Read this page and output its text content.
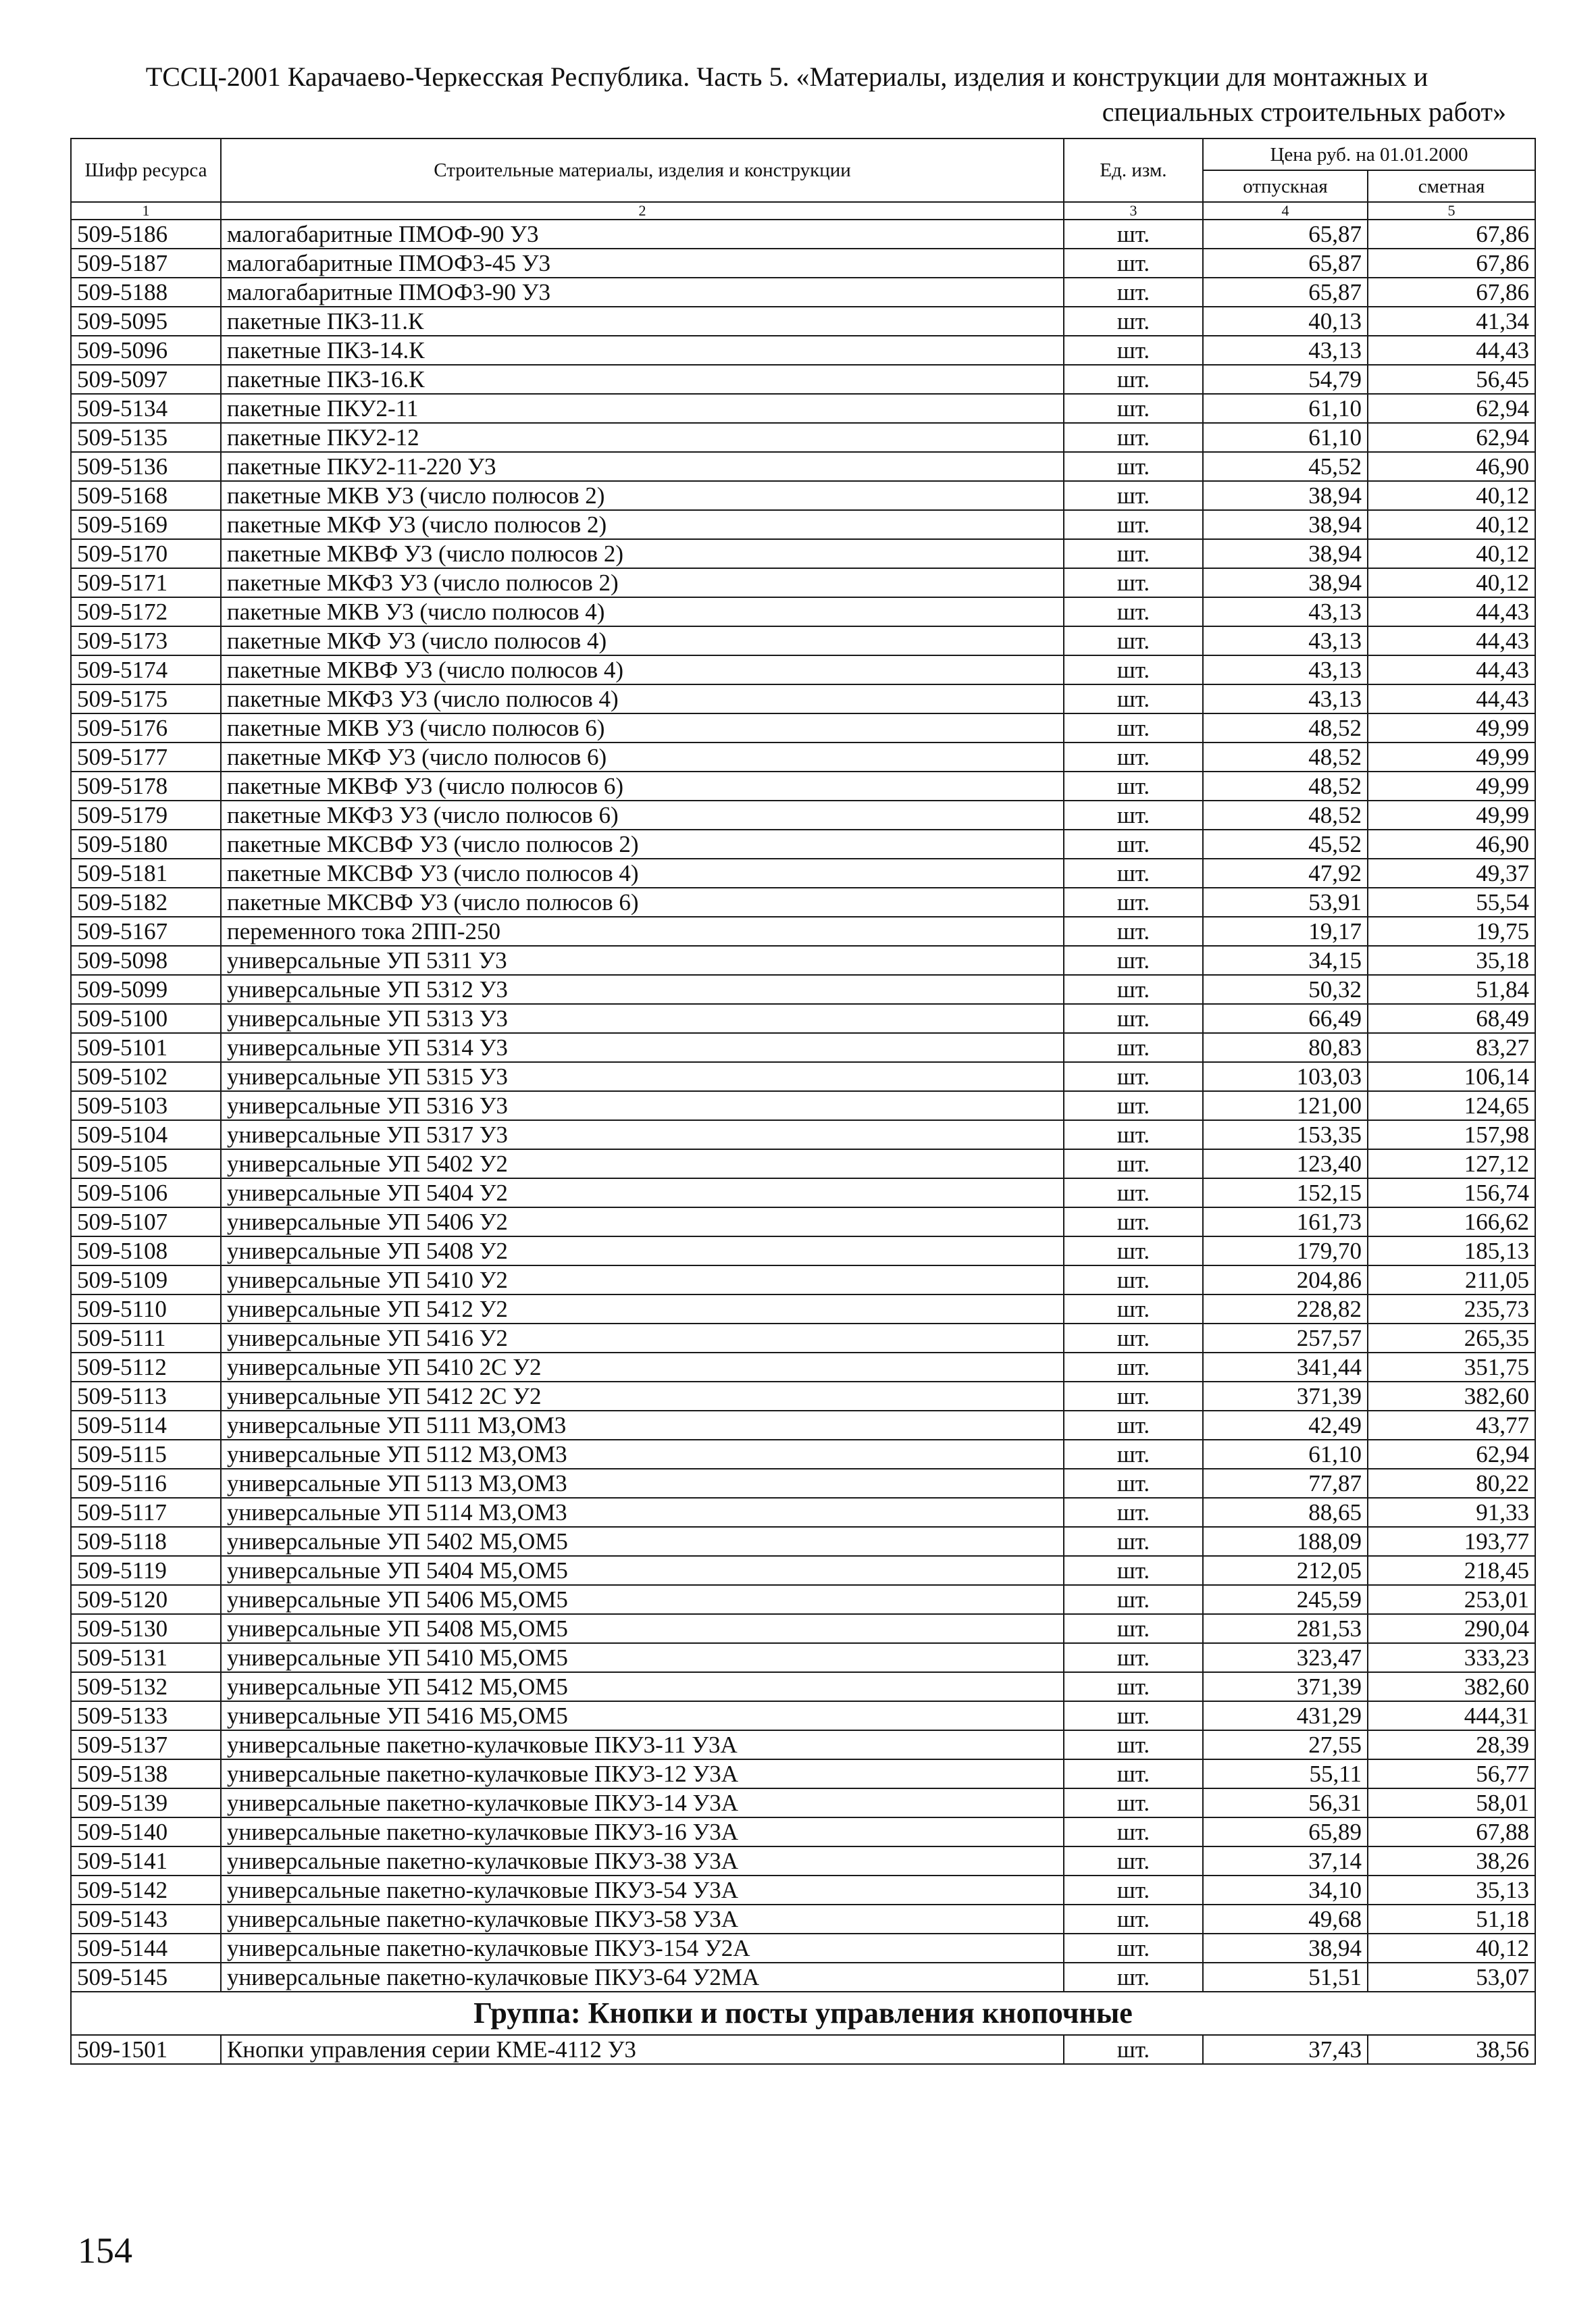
ТССЦ-2001 Карачаево-Черкесская Республика. Часть 5. «Материалы, изделия и конструкции для монтажных и
специальных строительных работ»
Шифр ресурса	Строительные материалы, изделия и конструкции	Ед. изм.	Цена руб. на 01.01.2000	
			отпускная	сметная
1	2	3	4	5
509-5186	малогабаритные ПМОФ-90 У3	шт.	65,87	67,86
509-5187	малогабаритные ПМОФ3-45 У3	шт.	65,87	67,86
509-5188	малогабаритные ПМОФ3-90 У3	шт.	65,87	67,86
509-5095	пакетные ПК3-11.К	шт.	40,13	41,34
509-5096	пакетные ПК3-14.К	шт.	43,13	44,43
509-5097	пакетные ПК3-16.К	шт.	54,79	56,45
509-5134	пакетные ПКУ2-11	шт.	61,10	62,94
509-5135	пакетные ПКУ2-12	шт.	61,10	62,94
509-5136	пакетные ПКУ2-11-220 У3	шт.	45,52	46,90
509-5168	пакетные МКВ У3 (число полюсов 2)	шт.	38,94	40,12
509-5169	пакетные МКФ У3 (число полюсов 2)	шт.	38,94	40,12
509-5170	пакетные МКВФ У3 (число полюсов 2)	шт.	38,94	40,12
509-5171	пакетные МКФ3 У3 (число полюсов 2)	шт.	38,94	40,12
509-5172	пакетные МКВ У3 (число полюсов 4)	шт.	43,13	44,43
509-5173	пакетные МКФ У3 (число полюсов 4)	шт.	43,13	44,43
509-5174	пакетные МКВФ У3 (число полюсов 4)	шт.	43,13	44,43
509-5175	пакетные МКФ3 У3 (число полюсов 4)	шт.	43,13	44,43
509-5176	пакетные МКВ У3 (число полюсов 6)	шт.	48,52	49,99
509-5177	пакетные МКФ У3 (число полюсов 6)	шт.	48,52	49,99
509-5178	пакетные МКВФ У3 (число полюсов 6)	шт.	48,52	49,99
509-5179	пакетные МКФ3 У3 (число полюсов 6)	шт.	48,52	49,99
509-5180	пакетные МКСВФ У3 (число полюсов 2)	шт.	45,52	46,90
509-5181	пакетные МКСВФ У3 (число полюсов 4)	шт.	47,92	49,37
509-5182	пакетные МКСВФ У3 (число полюсов 6)	шт.	53,91	55,54
509-5167	переменного тока 2ПП-250	шт.	19,17	19,75
509-5098	универсальные УП 5311 У3	шт.	34,15	35,18
509-5099	универсальные УП 5312 У3	шт.	50,32	51,84
509-5100	универсальные УП 5313 У3	шт.	66,49	68,49
509-5101	универсальные УП 5314 У3	шт.	80,83	83,27
509-5102	универсальные УП 5315 У3	шт.	103,03	106,14
509-5103	универсальные УП 5316 У3	шт.	121,00	124,65
509-5104	универсальные УП 5317 У3	шт.	153,35	157,98
509-5105	универсальные УП 5402 У2	шт.	123,40	127,12
509-5106	универсальные УП 5404 У2	шт.	152,15	156,74
509-5107	универсальные УП 5406 У2	шт.	161,73	166,62
509-5108	универсальные УП 5408 У2	шт.	179,70	185,13
509-5109	универсальные УП 5410 У2	шт.	204,86	211,05
509-5110	универсальные УП 5412 У2	шт.	228,82	235,73
509-5111	универсальные УП 5416 У2	шт.	257,57	265,35
509-5112	универсальные УП 5410 2С У2	шт.	341,44	351,75
509-5113	универсальные УП 5412 2С У2	шт.	371,39	382,60
509-5114	универсальные УП 5111 М3,ОМ3	шт.	42,49	43,77
509-5115	универсальные УП 5112 М3,ОМ3	шт.	61,10	62,94
509-5116	универсальные УП 5113 М3,ОМ3	шт.	77,87	80,22
509-5117	универсальные УП 5114 М3,ОМ3	шт.	88,65	91,33
509-5118	универсальные УП 5402 М5,ОМ5	шт.	188,09	193,77
509-5119	универсальные УП 5404 М5,ОМ5	шт.	212,05	218,45
509-5120	универсальные УП 5406 М5,ОМ5	шт.	245,59	253,01
509-5130	универсальные УП 5408 М5,ОМ5	шт.	281,53	290,04
509-5131	универсальные УП 5410 М5,ОМ5	шт.	323,47	333,23
509-5132	универсальные УП 5412 М5,ОМ5	шт.	371,39	382,60
509-5133	универсальные УП 5416 М5,ОМ5	шт.	431,29	444,31
509-5137	универсальные пакетно-кулачковые ПКУ3-11 У3А	шт.	27,55	28,39
509-5138	универсальные пакетно-кулачковые ПКУ3-12 У3А	шт.	55,11	56,77
509-5139	универсальные пакетно-кулачковые ПКУ3-14 У3А	шт.	56,31	58,01
509-5140	универсальные пакетно-кулачковые ПКУ3-16 У3А	шт.	65,89	67,88
509-5141	универсальные пакетно-кулачковые ПКУ3-38 У3А	шт.	37,14	38,26
509-5142	универсальные пакетно-кулачковые ПКУ3-54 У3А	шт.	34,10	35,13
509-5143	универсальные пакетно-кулачковые ПКУ3-58 У3А	шт.	49,68	51,18
509-5144	универсальные пакетно-кулачковые ПКУ3-154 У2А	шт.	38,94	40,12
509-5145	универсальные пакетно-кулачковые ПКУ3-64 У2МА	шт.	51,51	53,07
Группа: Кнопки и посты управления кнопочные				
509-1501	Кнопки управления серии КМЕ-4112 У3	шт.	37,43	38,56
154
